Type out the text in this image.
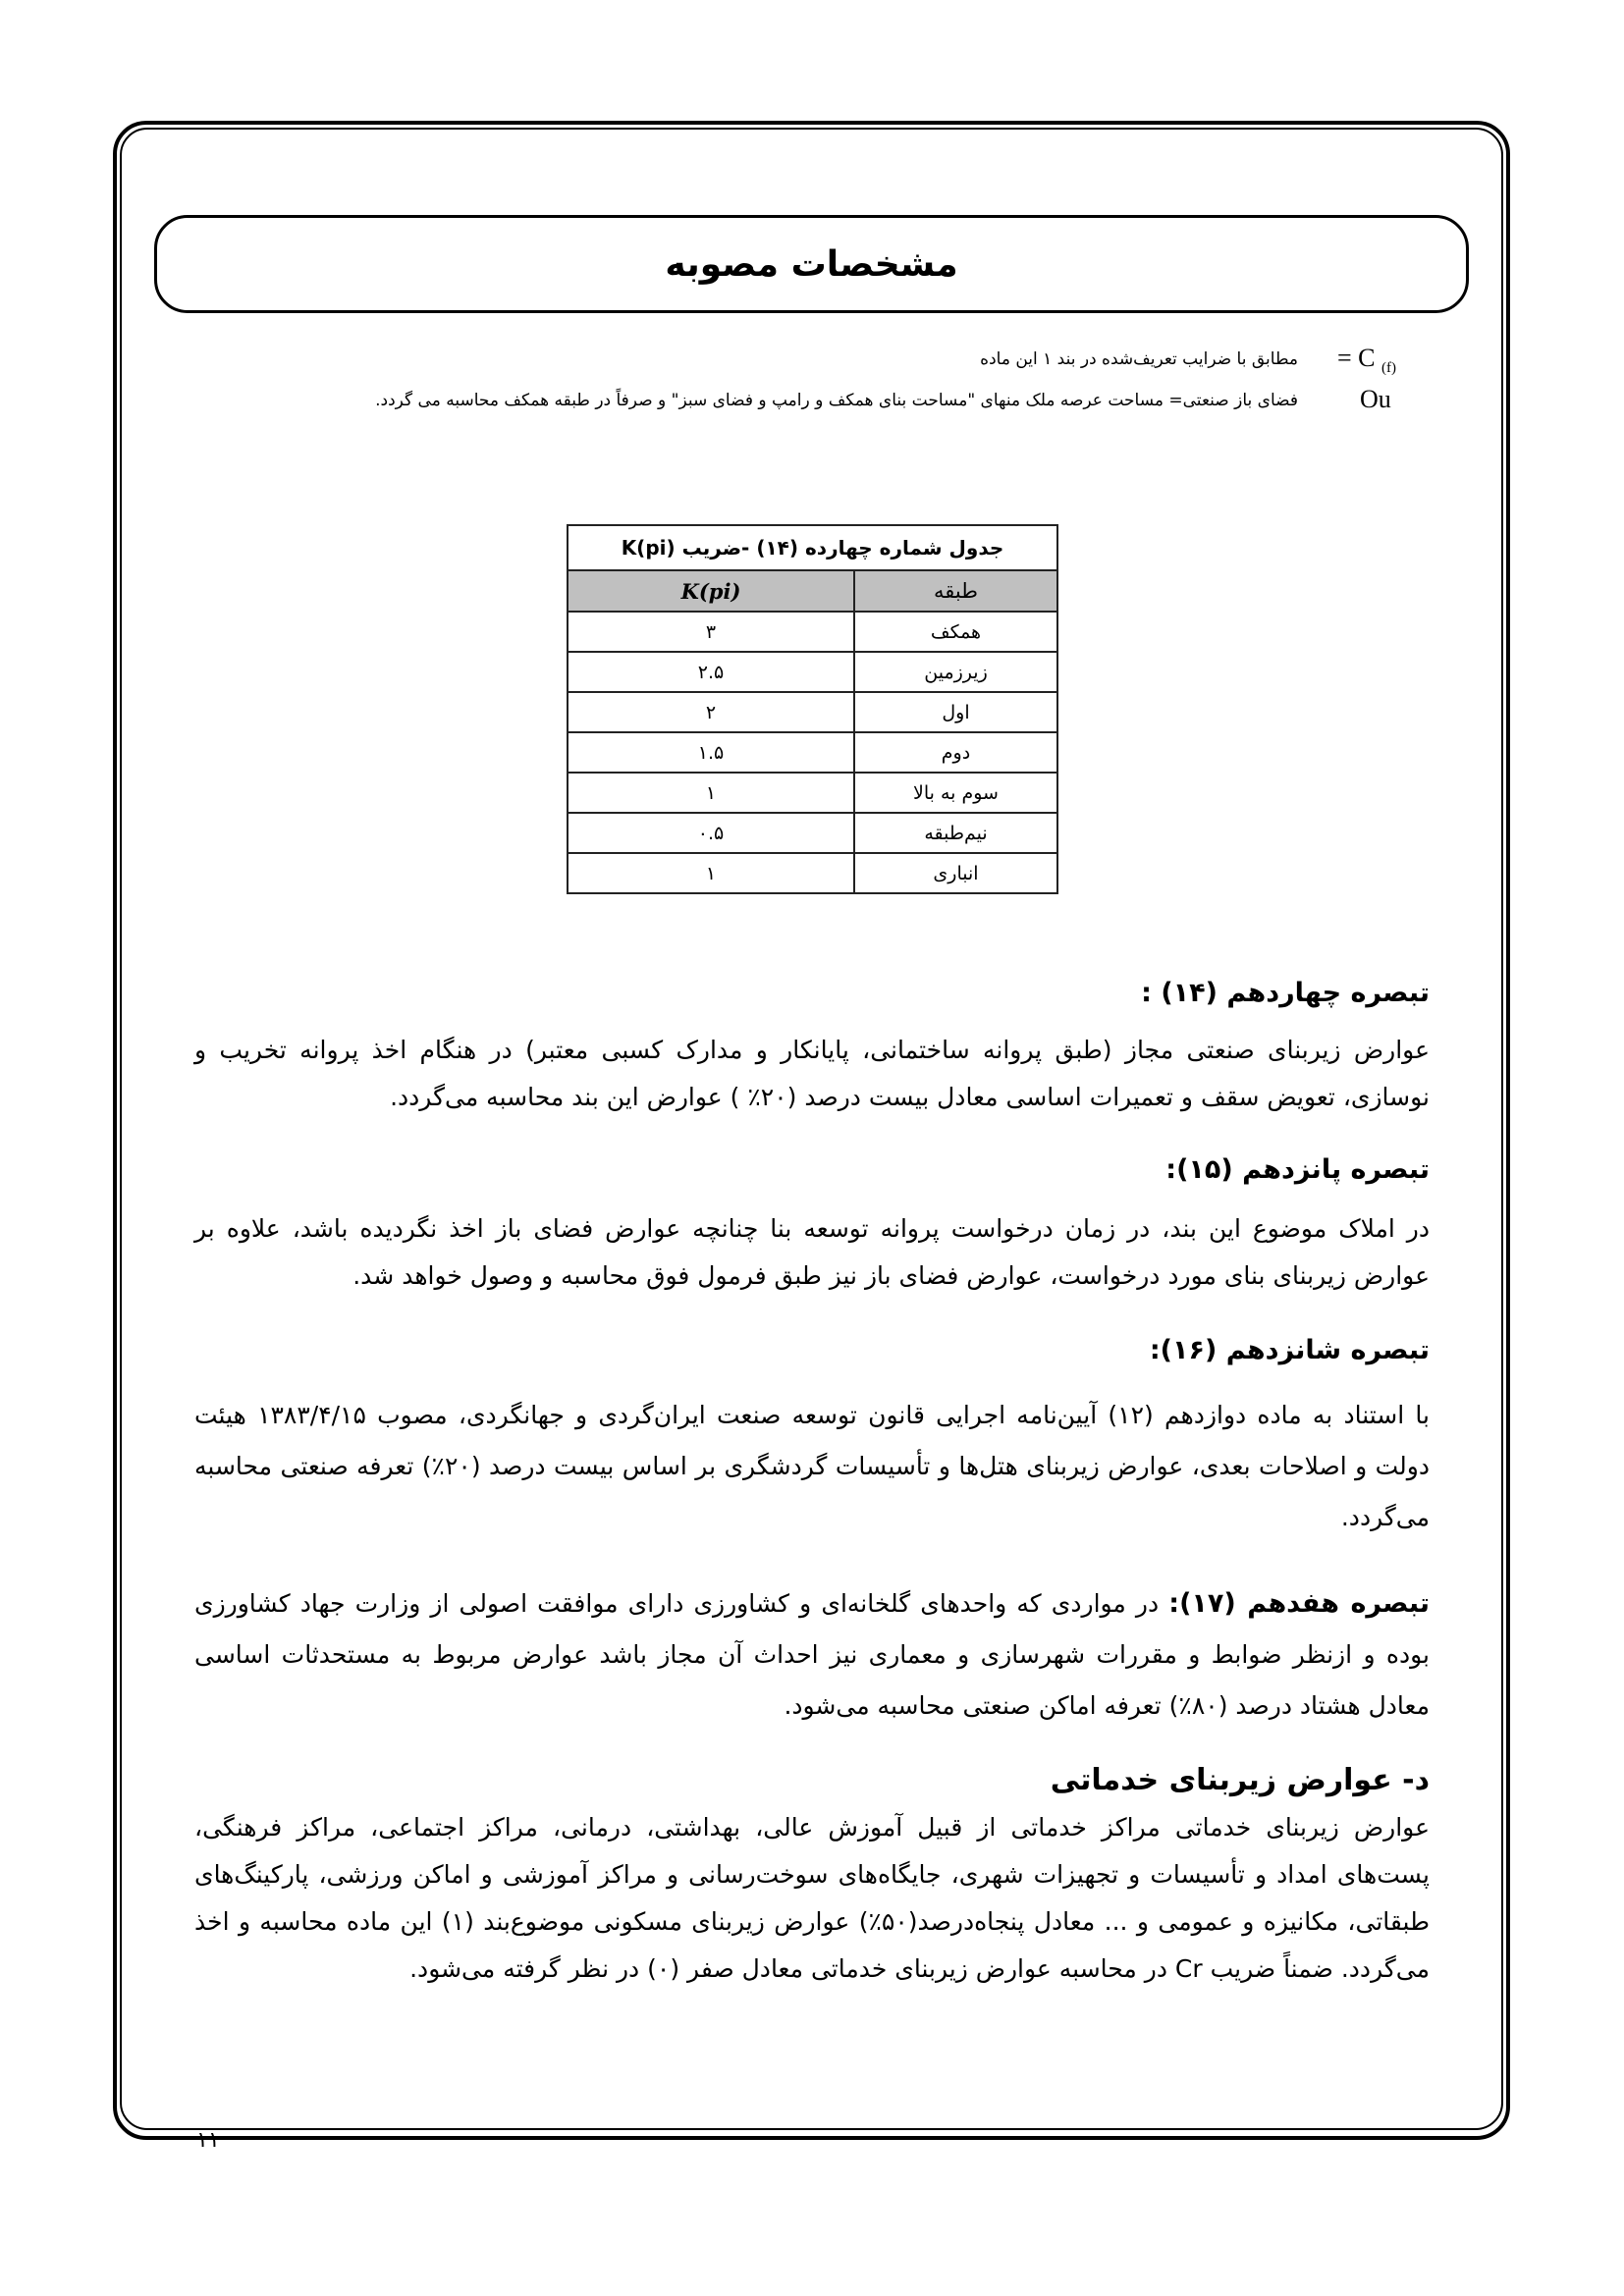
مشخصات مصوبه
= C $_{(f)}$
مطابق با ضرایب تعریف‌شده در بند ۱ این ماده
Ou
فضای باز صنعتی= مساحت عرصه ملک منهای "مساحت بنای همکف و رامپ و فضای سبز" و صرفاً در طبقه همکف محاسبه می گردد.
جدول شماره چهارده (۱۴) -ضریب K(pi)	
طبقه	K(pi)
همکف	۳
زیرزمین	۲.۵
اول	۲
دوم	۱.۵
سوم به بالا	۱
نیم‌طبقه	۰.۵
انباری	۱
تبصره چهاردهم (۱۴) :
عوارض زیربنای صنعتی مجاز (طبق پروانه ساختمانی، پایانکار و مدارک کسبی معتبر) در هنگام اخذ پروانه تخریب و نوسازی، تعویض سقف و تعمیرات اساسی معادل بیست درصد (۲۰٪ ) عوارض این بند محاسبه می‌گردد.
تبصره پانزدهم (۱۵):
در املاک موضوع این بند، در زمان درخواست پروانه توسعه بنا چنانچه عوارض فضای باز اخذ نگردیده باشد، علاوه بر عوارض زیربنای بنای مورد درخواست، عوارض فضای باز نیز طبق فرمول فوق محاسبه و وصول خواهد شد.
تبصره شانزدهم (۱۶):
با استناد به ماده دوازدهم (۱۲) آیین‌نامه اجرایی قانون توسعه صنعت ایران‌گردی و جهانگردی، مصوب ۱۳۸۳/۴/۱۵ هیئت دولت و اصلاحات بعدی، عوارض زیربنای هتل‌ها و تأسیسات گردشگری بر اساس بیست درصد (۲۰٪) تعرفه صنعتی محاسبه می‌گردد.
تبصره هفدهم (۱۷): در مواردی که واحدهای گلخانه‌ای و کشاورزی دارای موافقت اصولی از وزارت جهاد کشاورزی بوده و ازنظر ضوابط و مقررات شهرسازی و معماری نیز احداث آن مجاز باشد عوارض مربوط به مستحدثات اساسی معادل هشتاد درصد (۸۰٪) تعرفه اماکن صنعتی محاسبه می‌شود.
د- عوارض زیربنای خدماتی
عوارض زیربنای خدماتی مراکز خدماتی از قبیل آموزش عالی، بهداشتی، درمانی، مراکز اجتماعی، مراکز فرهنگی، پست‌های امداد و تأسیسات و تجهیزات شهری، جایگاه‌های سوخت‌رسانی و مراکز آموزشی و اماکن ورزشی، پارکینگ‌های طبقاتی، مکانیزه و عمومی و ... معادل پنجاه‌درصد(۵۰٪) عوارض زیربنای مسکونی موضوع‌بند (۱) این ماده محاسبه و اخذ می‌گردد. ضمناً ضریب Cr در محاسبه عوارض زیربنای خدماتی معادل صفر (۰) در نظر گرفته می‌شود.
۱۱
